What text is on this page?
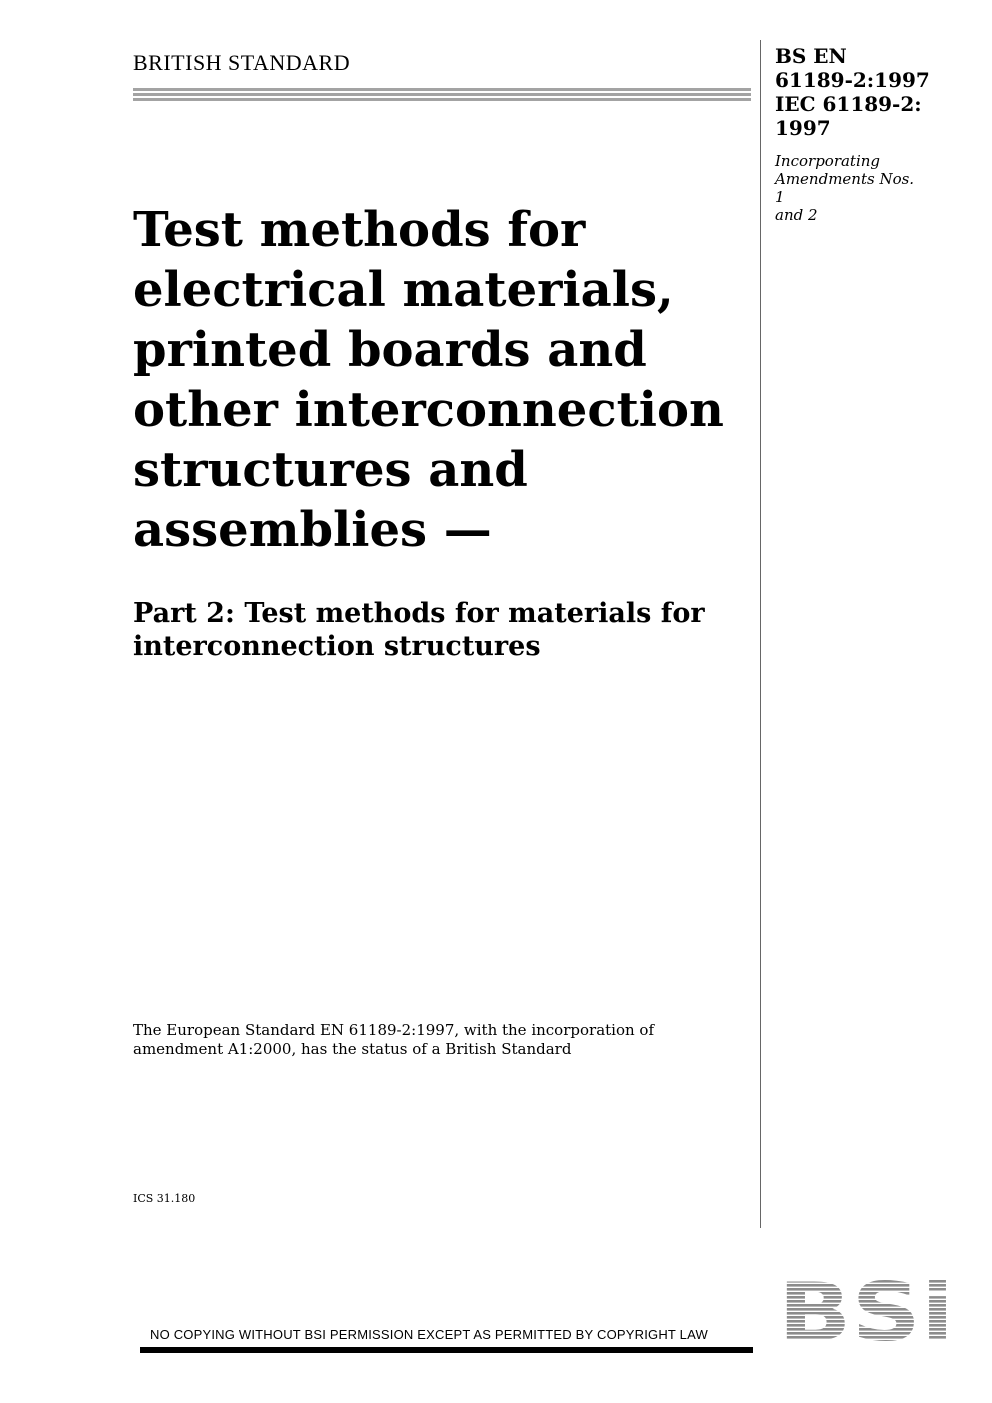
BRITISH STANDARD	BS EN
61189-2:1997
IEC 61189-2:
1997
Incorporating
Amendments Nos. 1
and 2
Test methods for
electrical materials,
printed boards and
other interconnection
structures and
assemblies —
Part 2: Test methods for materials for
interconnection structures
The European Standard EN 61189-2:1997, with the incorporation of
amendment A1:2000, has the status of a British Standard
ICS 31.180
BSi
NO COPYING WITHOUT BSI PERMISSION EXCEPT AS PERMITTED BY COPYRIGHT LAW
